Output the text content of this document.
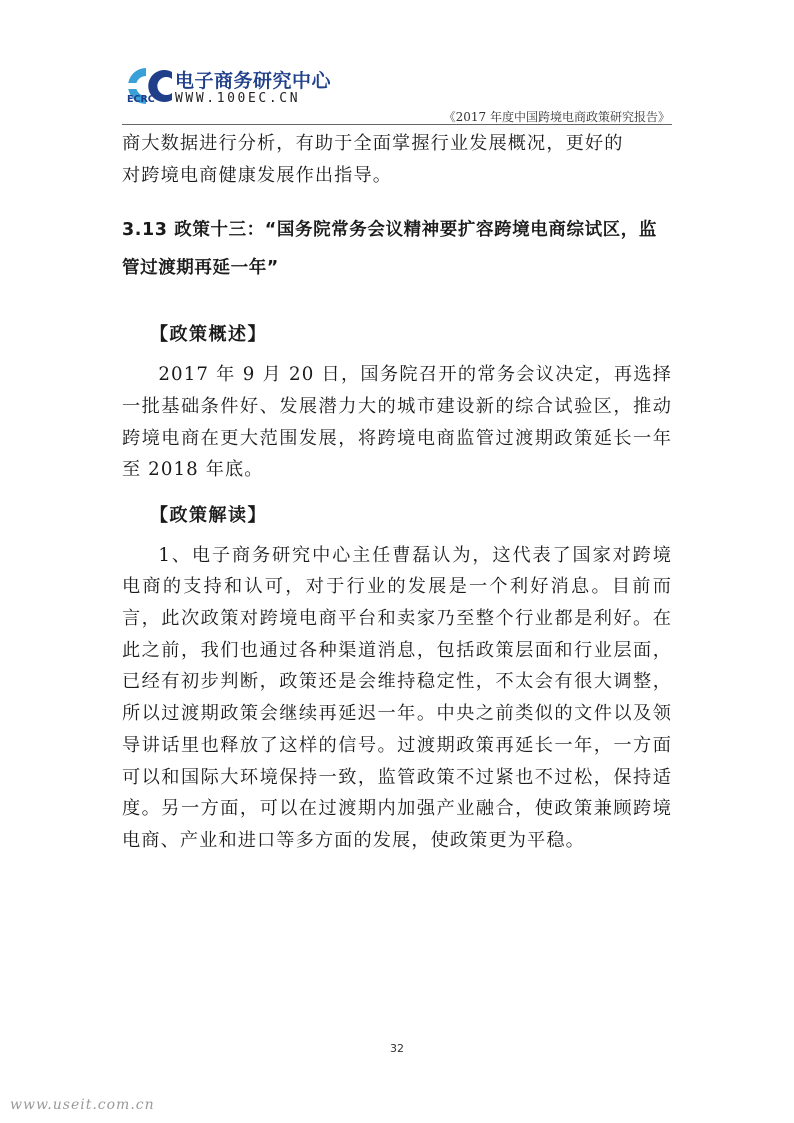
电子商务研究中心
ECRC WWW.100EC.CN
《2017 年度中国跨境电商政策研究报告》

商大数据进行分析，有助于全面掌握行业发展概况，更好的

对跨境电商健康发展作出指导。

3.13 政策十三：“国务院常务会议精神要扩容跨境电商综试区，监管过渡期再延一年”

【政策概述】

2017 年 9 月 20 日，国务院召开的常务会议决定，再选择一批基础条件好、发展潜力大的城市建设新的综合试验区，推动跨境电商在更大范围发展，将跨境电商监管过渡期政策延长一年至 2018 年底。

【政策解读】

1、电子商务研究中心主任曹磊认为，这代表了国家对跨境电商的支持和认可，对于行业的发展是一个利好消息。目前而言，此次政策对跨境电商平台和卖家乃至整个行业都是利好。在此之前，我们也通过各种渠道消息，包括政策层面和行业层面，已经有初步判断，政策还是会维持稳定性，不太会有很大调整，所以过渡期政策会继续再延迟一年。中央之前类似的文件以及领导讲话里也释放了这样的信号。过渡期政策再延长一年，一方面可以和国际大环境保持一致，监管政策不过紧也不过松，保持适度。另一方面，可以在过渡期内加强产业融合，使政策兼顾跨境电商、产业和进口等多方面的发展，使政策更为平稳。

32
www.useit.com.cn
